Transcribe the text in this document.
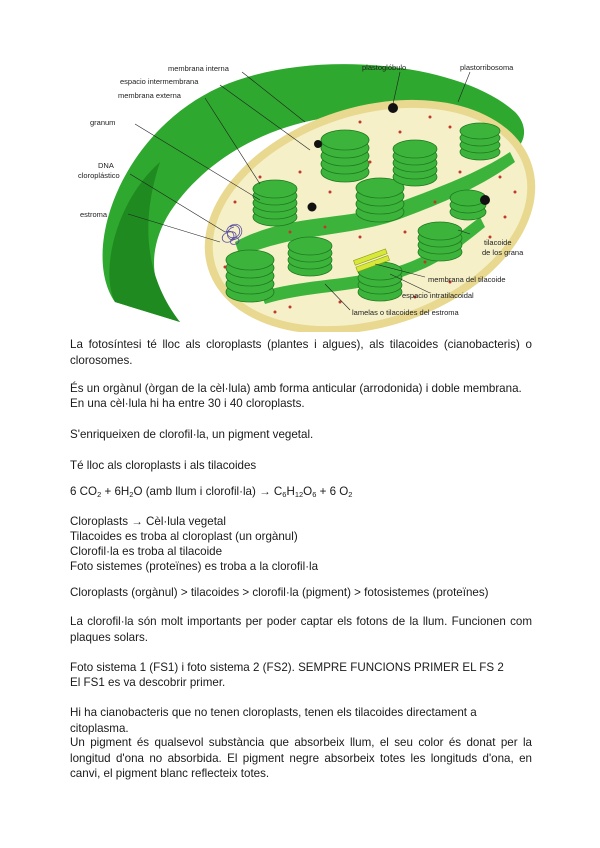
membrana interna
espacio intermembrana
membrana externa
granum
DNA
cloroplástico
estroma
plastoglóbulo	plastorribosoma
tilacoide
de los grana
membrana del tilacoide
espacio intratilacoidal
lamelas o tilacoides del estroma
La fotosíntesi té lloc als cloroplasts (plantes i algues), als tilacoides (cianobacteris) o clorosomes.
És un orgànul (òrgan de la cèl·lula) amb forma anticular (arrodonida) i doble membrana.
En una cèl·lula hi ha entre 30 i 40 cloroplasts.
S'enriqueixen de clorofil·la, un pigment vegetal.
Té lloc als cloroplasts i als tilacoides
6 $CO_2 + 6H_2O$ (amb llum i clorofil·la) → $C_6H_{12}O_6 + 6$ $O_2$
Cloroplasts → Cèl·lula vegetal
Tilacoides es troba al cloroplast (un orgànul)
Clorofil·la es troba al tilacoide
Foto sistemes (proteïnes) es troba a la clorofil·la
Cloroplasts (orgànul) > tilacoides > clorofil·la (pigment) > fotosistemes (proteïnes)
La clorofil·la són molt importants per poder captar els fotons de la llum. Funcionen com plaques solars.
Foto sistema 1 (FS1) i foto sistema 2 (FS2). SEMPRE FUNCIONS PRIMER EL FS 2
El FS1 es va descobrir primer.
Hi ha cianobacteris que no tenen cloroplasts, tenen els tilacoides directament a citoplasma.
Un pigment és qualsevol substància que absorbeix llum, el seu color és donat per la longitud d'ona no absorbida. El pigment negre absorbeix totes les longituds d'ona, en canvi, el pigment blanc reflecteix totes.
